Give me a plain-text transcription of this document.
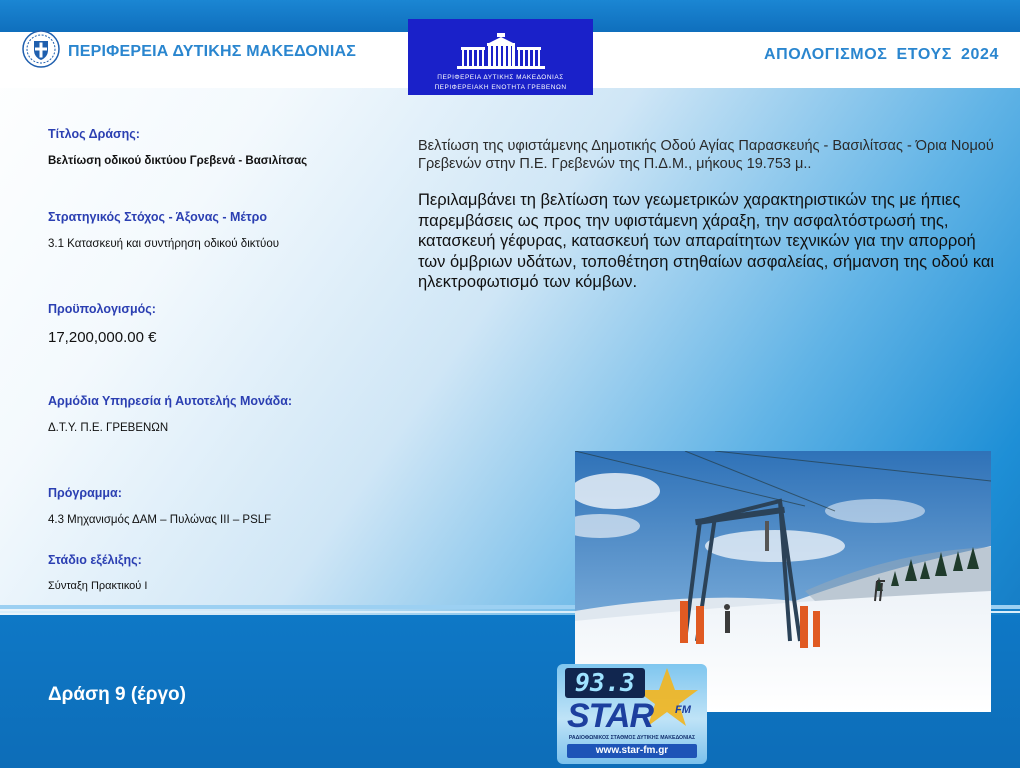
ΠΕΡΙΦΕΡΕΙΑ ΔΥΤΙΚΗΣ ΜΑΚΕΔΟΝΙΑΣ
ΠΕΡΙΦΕΡΕΙΑ ΔΥΤΙΚΗΣ ΜΑΚΕΔΟΝΙΑΣ
ΠΕΡΙΦΕΡΕΙΑΚΗ ΕΝΟΤΗΤΑ ΓΡΕΒΕΝΩΝ
ΑΠΟΛΟΓΙΣΜΟΣ ΕΤΟΥΣ 2024
Τίτλος Δράσης:
Βελτίωση οδικού δικτύου Γρεβενά - Βασιλίτσας
Στρατηγικός Στόχος - Άξονας - Μέτρο
3.1 Κατασκευή και συντήρηση οδικού δικτύου
Προϋπολογισμός:
17,200,000.00 €
Αρμόδια Υπηρεσία ή Αυτοτελής Μονάδα:
Δ.Τ.Υ. Π.Ε. ΓΡΕΒΕΝΩΝ
Πρόγραμμα:
4.3 Μηχανισμός ΔΑΜ – Πυλώνας ΙΙΙ – PSLF
Στάδιο εξέλιξης:
Σύνταξη Πρακτικού Ι
Βελτίωση της υφιστάμενης Δημοτικής Οδού Αγίας Παρασκευής - Βασιλίτσας - Όρια Νομού Γρεβενών στην Π.Ε. Γρεβενών της Π.Δ.Μ., μήκους 19.753 μ..
Περιλαμβάνει τη βελτίωση των γεωμετρικών χαρακτηριστικών της με ήπιες παρεμβάσεις ως προς την υφιστάμενη χάραξη, την ασφαλτόστρωσή της, κατασκευή γέφυρας, κατασκευή των απαραίτητων τεχνικών για την απορροή των όμβριων υδάτων, τοποθέτηση στηθαίων ασφαλείας, σήμανση της οδού και ηλεκτροφωτισμό των κόμβων.
Δράση 9 (έργο)	93.3
STAR FM
ΡΑΔΙΟΦΩΝΙΚΟΣ ΣΤΑΘΜΟΣ ΔΥΤΙΚΗΣ ΜΑΚΕΔΟΝΙΑΣ
www.star-fm.gr
